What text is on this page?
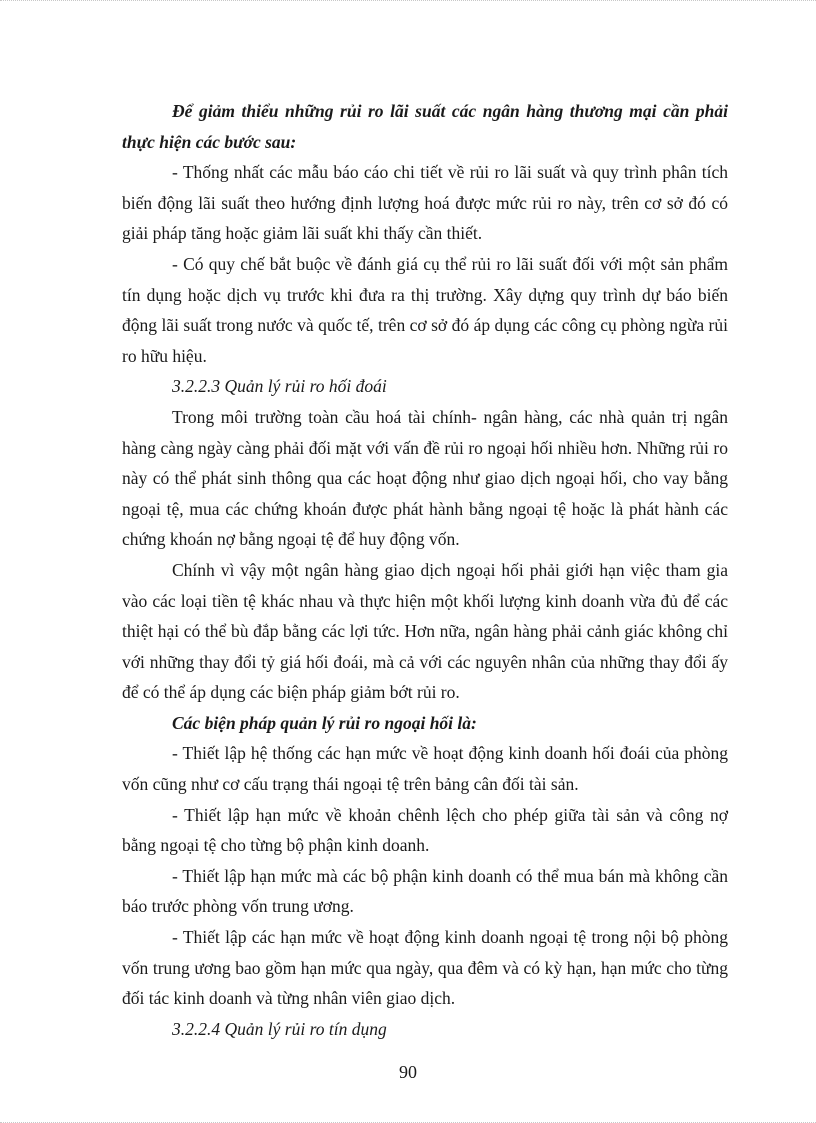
Để giảm thiểu những rủi ro lãi suất các ngân hàng thương mại cần phải thực hiện các bước sau:

- Thống nhất các mẫu báo cáo chi tiết về rủi ro lãi suất và quy trình phân tích biến động lãi suất theo hướng định lượng hoá được mức rủi ro này, trên cơ sở đó có giải pháp tăng hoặc giảm lãi suất khi thấy cần thiết.

- Có quy chế bắt buộc về đánh giá cụ thể rủi ro lãi suất đối với một sản phẩm tín dụng hoặc dịch vụ trước khi đưa ra thị trường. Xây dựng quy trình dự báo biến động lãi suất trong nước và quốc tế, trên cơ sở đó áp dụng các công cụ phòng ngừa rủi ro hữu hiệu.

3.2.2.3 Quản lý rủi ro hối đoái

Trong môi trường toàn cầu hoá tài chính- ngân hàng, các nhà quản trị ngân hàng càng ngày càng phải đối mặt với vấn đề rủi ro ngoại hối nhiều hơn. Những rủi ro này có thể phát sinh thông qua các hoạt động như giao dịch ngoại hối, cho vay bằng ngoại tệ, mua các chứng khoán được phát hành bằng ngoại tệ hoặc là phát hành các chứng khoán nợ bằng ngoại tệ để huy động vốn.

Chính vì vậy một ngân hàng giao dịch ngoại hối phải giới hạn việc tham gia vào các loại tiền tệ khác nhau và thực hiện một khối lượng kinh doanh vừa đủ để các thiệt hại có thể bù đắp bằng các lợi tức. Hơn nữa, ngân hàng phải cảnh giác không chỉ với những thay đổi tỷ giá hối đoái, mà cả với các nguyên nhân của những thay đổi ấy để có thể áp dụng các biện pháp giảm bớt rủi ro.

Các biện pháp quản lý rủi ro ngoại hối là:

- Thiết lập hệ thống các hạn mức về hoạt động kinh doanh hối đoái của phòng vốn cũng như cơ cấu trạng thái ngoại tệ trên bảng cân đối tài sản.

- Thiết lập hạn mức về khoản chênh lệch cho phép giữa tài sản và công nợ bằng ngoại tệ cho từng bộ phận kinh doanh.

- Thiết lập hạn mức mà các bộ phận kinh doanh có thể mua bán mà không cần báo trước phòng vốn trung ương.

- Thiết lập các hạn mức về hoạt động kinh doanh ngoại tệ trong nội bộ phòng vốn trung ương bao gồm hạn mức qua ngày, qua đêm và có kỳ hạn, hạn mức cho từng đối tác kinh doanh và từng nhân viên giao dịch.

3.2.2.4 Quản lý rủi ro tín dụng

90
